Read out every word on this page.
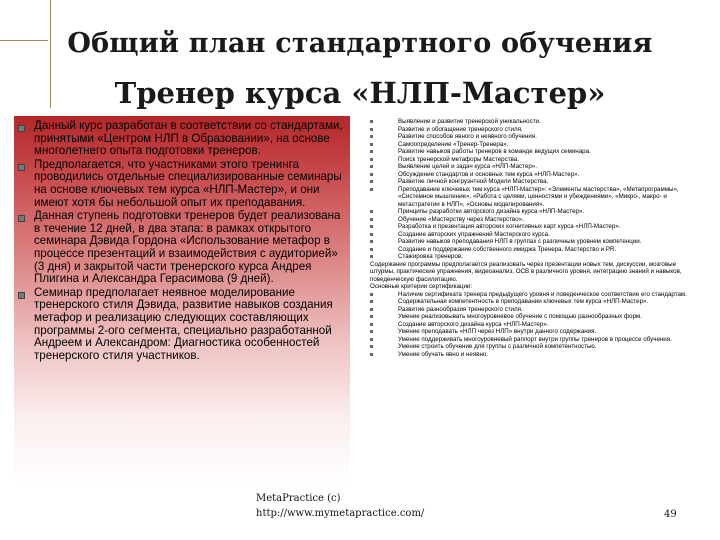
Общий план стандартного обучения
Тренер курса «НЛП-Мастер»
Данный курс разработан в соответствии со стандартами, принятыми «Центром НЛП в Образовании», на основе многолетнего опыта подготовки тренеров.
Предполагается, что участниками этого тренинга проводились отдельные специализированные семинары на основе ключевых тем курса «НЛП-Мастер», и они имеют хотя бы небольшой опыт их преподавания.
Данная ступень подготовки тренеров будет реализована в течение 12 дней, в два этапа: в рамках открытого семинара Дэвида Гордона «Использование метафор в процессе презентаций и взаимодействия с аудиторией» (3 дня) и закрытой части тренерского курса Андрея Плигина и Александра Герасимова (9 дней).
Семинар предполагает неявное моделирование тренерского стиля Дэвида, развитие навыков создания метафор и реализацию следующих составляющих программы 2-ого сегмента, специально разработанной Андреем и Александром: Диагностика особенностей тренерского стиля участников.
Выявление и развитие тренерской уникальности.
Развитие и обогащение тренерского стиля.
Развитие способов явного и неявного обучения.
Самоопределение «Тренер-Тренера».
Развитие навыков работы тренеров в команде ведущих семинара.
Поиск тренерской метафоры Мастерства.
Выявление целей и задач курса «НЛП-Мастер».
Обсуждение стандартов и основных тем курса «НЛП-Мастер».
Развитие личной конгруэнтной Модели Мастерства.
Преподавание ключевых тем курса «НЛП-Мастер»: «Элементы мастерства», «Метапрограммы», «Системное мышление», «Работа с целями, ценностями и убеждениями», «Микро-, макро- и метастратегии в НЛП», «Основы моделирования».
Принципы разработки авторского дизайна курса «НЛП-Мастер».
Обучение «Мастерству через Мастерство».
Разработка и презентация авторских когнитивных карт курса «НЛП-Мастер».
Создание авторских упражнений Мастерского курса.
Развитие навыков преподавания НЛП в группах с различным уровнем компетенции.
Создание и поддержание собственного имиджа Тренера. Мастерство и PR.
Стажировка тренеров.
Содержание программы предполагается реализовать через презентации новых тем, дискуссии, мозговые штурмы, практические упражнения, видеоанализ, ОСВ в различного уровня, интеграцию знаний и навыков, поведенческую фасилитацию.
Основные критерии сертификации:
Наличие сертификата тренера предыдущего уровня и поведенческое соответствие его стандартам.
Содержательная компетентность в преподавании ключевых тем курса «НЛП-Мастер».
Развитие разнообразия тренерского стиля.
Умение реализовывать многоуровневое обучение с помощью разнообразных форм.
Создание авторского дизайна курса «НЛП-Мастер».
Умение преподавать «НЛП через НЛП» внутри данного содержания.
Умение поддерживать многоуровневый раппорт внутри группы тренеров в процессе обучения.
Умение строить обучение для группы с различной компетентностью.
Умение обучать явно и неявно.
MetaPractice (c)
http://www.mymetapractice.com/	49
